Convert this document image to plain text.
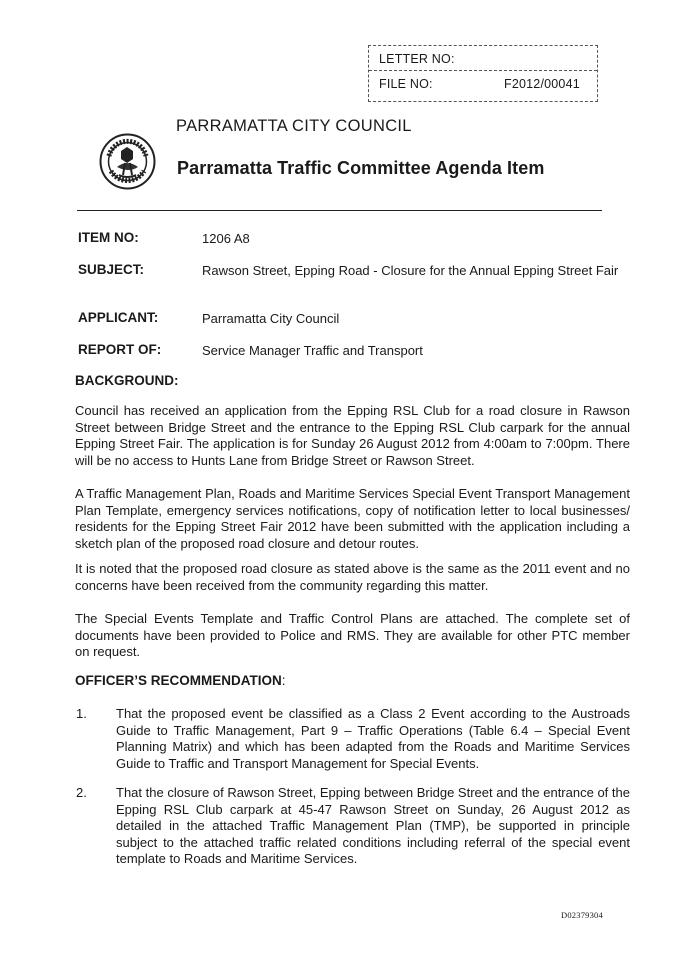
LETTER NO:
FILE NO:	F2012/00041
PARRAMATTA CITY COUNCIL
Parramatta Traffic Committee Agenda Item
ITEM NO:	1206 A8
SUBJECT:	Rawson Street, Epping Road - Closure for the Annual Epping Street Fair
APPLICANT:	Parramatta City Council
REPORT OF:	Service Manager Traffic and Transport
BACKGROUND:
Council has received an application from the Epping RSL Club for a road closure in Rawson Street between Bridge Street and the entrance to the Epping RSL Club carpark for the annual Epping Street Fair. The application is for Sunday 26 August 2012 from 4:00am to 7:00pm. There will be no access to Hunts Lane from Bridge Street or Rawson Street.
A Traffic Management Plan, Roads and Maritime Services Special Event Transport Management Plan Template, emergency services notifications, copy of notification letter to local businesses/ residents for the Epping Street Fair 2012 have been submitted with the application including a sketch plan of the proposed road closure and detour routes.
It is noted that the proposed road closure as stated above is the same as the 2011 event and no concerns have been received from the community regarding this matter.
The Special Events Template and Traffic Control Plans are attached. The complete set of documents have been provided to Police and RMS. They are available for other PTC member on request.
OFFICER’S RECOMMENDATION:
1. That the proposed event be classified as a Class 2 Event according to the Austroads Guide to Traffic Management, Part 9 – Traffic Operations (Table 6.4 – Special Event Planning Matrix) and which has been adapted from the Roads and Maritime Services Guide to Traffic and Transport Management for Special Events.
2. That the closure of Rawson Street, Epping between Bridge Street and the entrance of the Epping RSL Club carpark at 45-47 Rawson Street on Sunday, 26 August 2012 as detailed in the attached Traffic Management Plan (TMP), be supported in principle subject to the attached traffic related conditions including referral of the special event template to Roads and Maritime Services.
D02379304
